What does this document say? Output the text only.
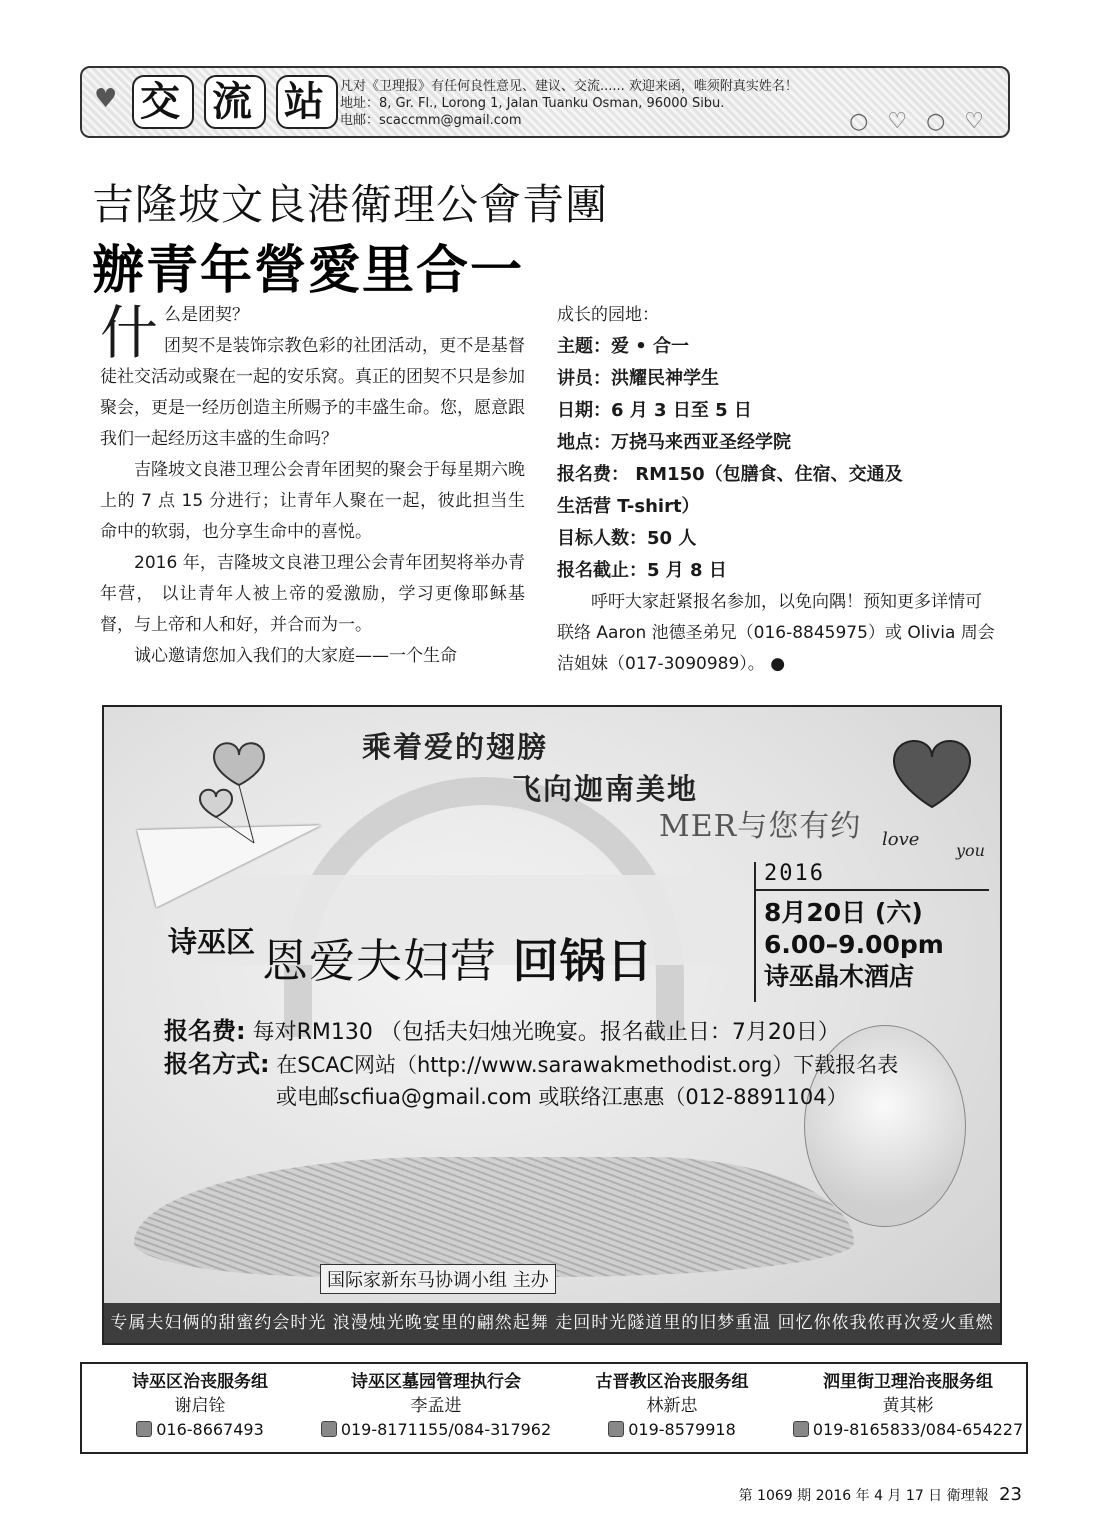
♥ 交 流 站 凡对《卫理报》有任何良性意见、建议、交流...... 欢迎来函，唯须附真实姓名！
地址：8, Gr. Fl., Lorong 1, Jalan Tuanku Osman, 96000 Sibu.
电邮：scaccmm@gmail.com	○ ♡ ○ ♡
吉隆坡文良港衛理公會青團
辦青年營愛里合一

什 么是团契？
团契不是装饰宗教色彩的社团活动，更不是基督徒社交活动或聚在一起的安乐窝。真正的团契不只是参加聚会，更是一经历创造主所赐予的丰盛生命。您，愿意跟我们一起经历这丰盛的生命吗？

吉隆坡文良港卫理公会青年团契的聚会于每星期六晚上的 7 点 15 分进行；让青年人聚在一起，彼此担当生命中的软弱，也分享生命中的喜悦。

2016 年，吉隆坡文良港卫理公会青年团契将举办青年营， 以让青年人被上帝的爱激励，学习更像耶稣基督，与上帝和人和好，并合而为一。

诚心邀请您加入我们的大家庭——一个生命

成长的园地：
主题：爱 • 合一
讲员：洪耀民神学生
日期：6 月 3 日至 5 日
地点：万挠马来西亚圣经学院
报名费： RM150（包膳食、住宿、交通及
生活营 T-shirt）
目标人数：50 人
报名截止：5 月 8 日

呼吁大家赶紧报名参加，以免向隅！预知更多详情可联络 Aaron 池德圣弟兄（016-8845975）或 Olivia 周会洁姐妹（017-3090989）。 ●

乘着爱的翅膀
飞向迦南美地
MER与您有约 love
you
2016
8月20日 (六)
6.00–9.00pm
诗巫晶木酒店
诗巫区 恩爱夫妇营 回锅日
报名费: 每对RM130 （包括夫妇烛光晚宴。报名截止日：7月20日）
报名方式: 在SCAC网站（http://www.sarawakmethodist.org）下载报名表
或电邮scfiua@gmail.com 或联络江惠惠（012-8891104）
国际家新东马协调小组 主办
专属夫妇俩的甜蜜约会时光 浪漫烛光晚宴里的翩然起舞 走回时光隧道里的旧梦重温 回忆你侬我侬再次爱火重燃
诗巫区治丧服务组
谢启铨
016-8667493
诗巫区墓园管理执行会
李孟进
019-8171155/084-317962
古晋教区治丧服务组
林新忠
019-8579918
泗里街卫理治丧服务组
黄其彬
019-8165833/084-654227
第 1069 期 2016 年 4 月 17 日 衛理報 23
